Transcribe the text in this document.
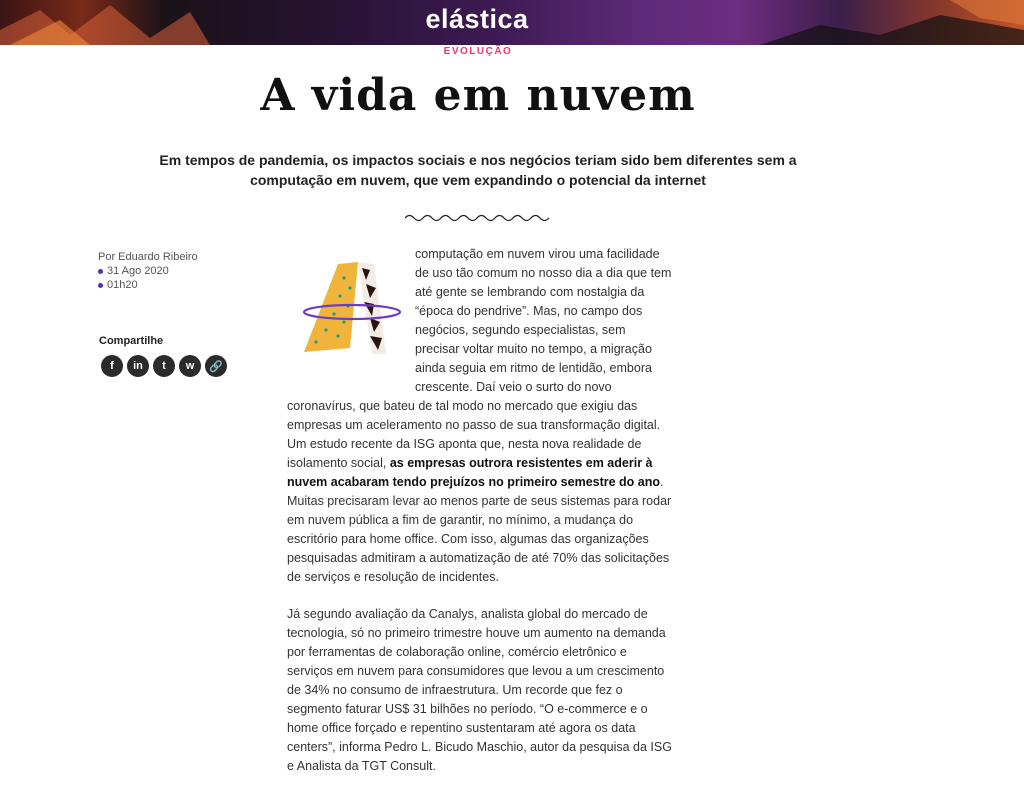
elástica
EVOLUÇÃO
A vida em nuvem
Em tempos de pandemia, os impactos sociais e nos negócios teriam sido bem diferentes sem a computação em nuvem, que vem expandindo o potencial da internet
Por Eduardo Ribeiro
31 Ago 2020
01h20
Compartilhe
f in t w 🔗

computação em nuvem virou uma facilidade de uso tão comum no nosso dia a dia que tem até gente se lembrando com nostalgia da “época do pendrive”. Mas, no campo dos negócios, segundo especialistas, sem precisar voltar muito no tempo, a migração ainda seguia em ritmo de lentidão, embora crescente. Daí veio o surto do novo coronavírus, que bateu de tal modo no mercado que exigiu das empresas um aceleramento no passo de sua transformação digital. Um estudo recente da ISG aponta que, nesta nova realidade de isolamento social, as empresas outrora resistentes em aderir à nuvem acabaram tendo prejuízos no primeiro semestre do ano. Muitas precisaram levar ao menos parte de seus sistemas para rodar em nuvem pública a fim de garantir, no mínimo, a mudança do escritório para home office. Com isso, algumas das organizações pesquisadas admitiram a automatização de até 70% das solicitações de serviços e resolução de incidentes.

Já segundo avaliação da Canalys, analista global do mercado de tecnologia, só no primeiro trimestre houve um aumento na demanda por ferramentas de colaboração online, comércio eletrônico e serviços em nuvem para consumidores que levou a um crescimento de 34% no consumo de infraestrutura. Um recorde que fez o segmento faturar US$ 31 bilhões no período. “O e-commerce e o home office forçado e repentino sustentaram até agora os data centers”, informa Pedro L. Bicudo Maschio, autor da pesquisa da ISG e Analista da TGT Consult.
